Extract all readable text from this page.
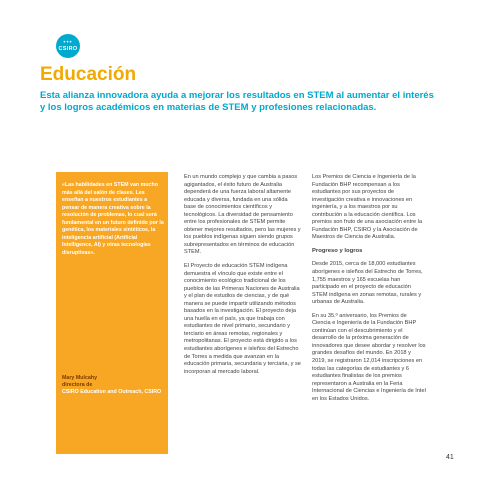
•••
CSIRO
Educación

Esta alianza innovadora ayuda a mejorar los resultados en STEM al aumentar el interés y los logros académicos en materias de STEM y profesiones relacionadas.

«Las habilidades en STEM van mucho más allá del salón de clases. Les enseñan a nuestros estudiantes a pensar de manera creativa sobre la resolución de problemas, lo cual será fundamental en un futuro definido por la genética, los materiales sintéticos, la inteligencia artificial (Artificial Intelligence, AI) y otras tecnologías disruptivas».

Mary Mulcahy
directora de
CSIRO Education and Outreach, CSIRO

En un mundo complejo y que cambia a pasos agigantados, el éxito futuro de Australia dependerá de una fuerza laboral altamente educada y diversa, fundada en una sólida base de conocimientos científicos y tecnológicos. La diversidad de pensamiento entre los profesionales de STEM permite obtener mejores resultados, pero las mujeres y los pueblos indígenas siguen siendo grupos subrepresentados en términos de educación STEM.

El Proyecto de educación STEM indígena demuestra el vínculo que existe entre el conocimiento ecológico tradicional de los pueblos de las Primeras Naciones de Australia y el plan de estudios de ciencias, y de qué manera se puede impartir utilizando métodos basados en la investigación. El proyecto deja una huella en el país, ya que trabaja con estudiantes de nivel primario, secundario y terciario en áreas remotas, regionales y metropolitanas. El proyecto está dirigido a los estudiantes aborígenes e isleños del Estrecho de Torres a medida que avanzan en la educación primaria, secundaria y terciaria, y se incorporan al mercado laboral.

Los Premios de Ciencia e Ingeniería de la Fundación BHP recompensan a los estudiantes por sus proyectos de investigación creativa e innovaciones en ingeniería, y a los maestros por su contribución a la educación científica. Los premios son fruto de una asociación entre la Fundación BHP, CSIRO y la Asociación de Maestros de Ciencia de Australia.

Progreso y logros

Desde 2015, cerca de 18,000 estudiantes aborígenes e isleños del Estrecho de Torres, 1,755 maestros y 165 escuelas han participado en el proyecto de educación STEM indígena en zonas remotas, rurales y urbanas de Australia.

En su 35.º aniversario, los Premios de Ciencia e Ingeniería de la Fundación BHP continúan con el descubrimiento y el desarrollo de la próxima generación de innovadores que desee abordar y resolver los grandes desafíos del mundo. En 2018 y 2019, se registraron 12,014 inscripciones en todas las categorías de estudiantes y 6 estudiantes finalistas de los premios representaron a Australia en la Feria Internacional de Ciencias e Ingeniería de Intel en los Estados Unidos.

41
